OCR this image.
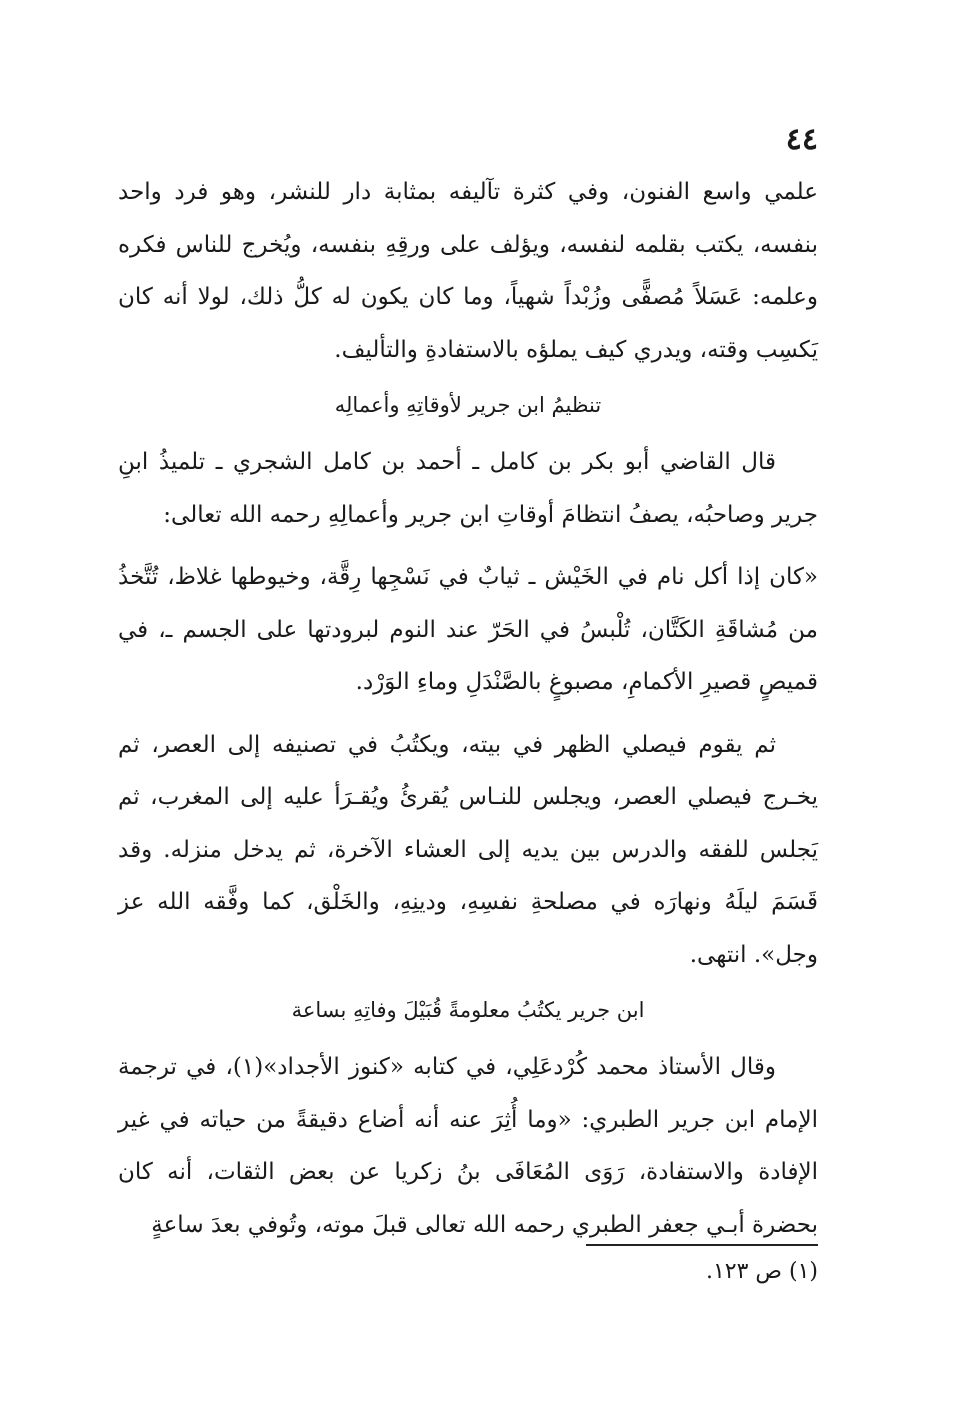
٤٤

علمي واسع الفنون، وفي كثرة تآليفه بمثابة دار للنشر، وهو فرد واحد بنفسه، يكتب بقلمه لنفسه، ويؤلف على ورقِهِ بنفسه، ويُخرج للناس فكره وعلمه: عَسَلاً مُصفًّى وزُبْداً شهياً، وما كان يكون له كلُّ ذلك، لولا أنه كان يَكسِب وقته، ويدري كيف يملؤه بالاستفادةِ والتأليف.

تنظيمُ ابن جرير لأوقاتِهِ وأعمالِه

قال القاضي أبو بكر بن كامل ـ أحمد بن كامل الشجري ـ تلميذُ ابنِ جرير وصاحبُه، يصفُ انتظامَ أوقاتِ ابن جرير وأعمالِهِ رحمه الله تعالى:

«كان إذا أكل نام في الخَيْش ـ ثيابٌ في نَسْجِها رِقَّة، وخيوطها غلاظ، تُتَّخذُ من مُشاقَةِ الكَتَّان، تُلْبسُ في الحَرّ عند النوم لبرودتها على الجسم ـ، في قميصٍ قصيرِ الأكمامِ، مصبوغٍ بالصَّنْدَلِ وماءِ الوَرْد.

ثم يقوم فيصلي الظهر في بيته، ويكتُبُ في تصنيفه إلى العصر، ثم يخـرج فيصلي العصر، ويجلس للنـاس يُقرئُ ويُقـرَأ عليه إلى المغرب، ثم يَجلس للفقه والدرس بين يديه إلى العشاء الآخرة، ثم يدخل منزله. وقد قَسَمَ ليلَهُ ونهارَه في مصلحةِ نفسِهِ، ودينِهِ، والخَلْق، كما وفَّقه الله عز وجل». انتهى.

ابن جرير يكتُبُ معلومةً قُبَيْلَ وفاتِهِ بساعة

وقال الأستاذ محمد كُرْدعَلِي، في كتابه «كنوز الأجداد»(١)، في ترجمة الإمام ابن جرير الطبري: «وما أُثِرَ عنه أنه أضاع دقيقةً من حياته في غير الإفادة والاستفادة، رَوَى المُعَافَى بنُ زكريا عن بعض الثقات، أنه كان بحضرة أبـي جعفر الطبري رحمه الله تعالى قبلَ موته، وتُوفي بعدَ ساعةٍ

(١) ص ١٢٣.
